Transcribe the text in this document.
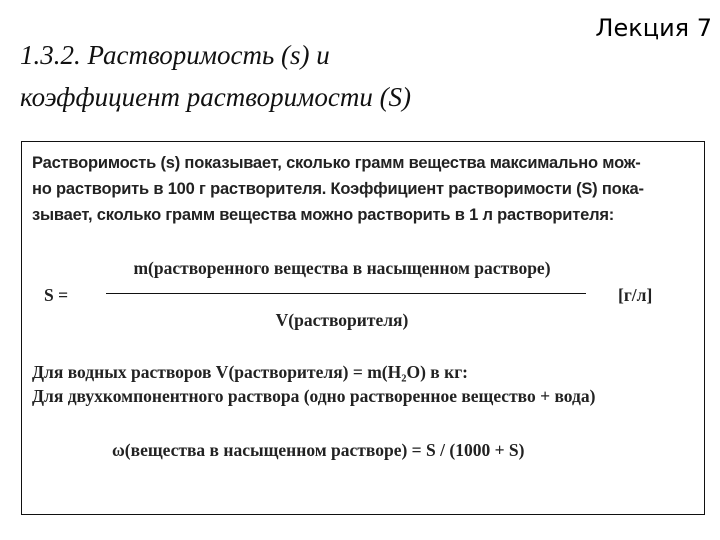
Лекция 7
1.3.2. Растворимость (s) и
коэффициент растворимости (S)
Растворимость (s) показывает, сколько грамм вещества максимально мож-
но растворить в 100 г растворителя. Коэффициент растворимости (S) пока-
зывает, сколько грамм вещества можно растворить в 1 л растворителя:
m(растворенного вещества в насыщенном растворе)
S =	[г/л]
V(растворителя)
Для водных растворов V(растворителя) = m(H₂O) в кг:
Для двухкомпонентного раствора (одно растворенное вещество + вода)
ω(вещества в насыщенном растворе) = S / (1000 + S)
